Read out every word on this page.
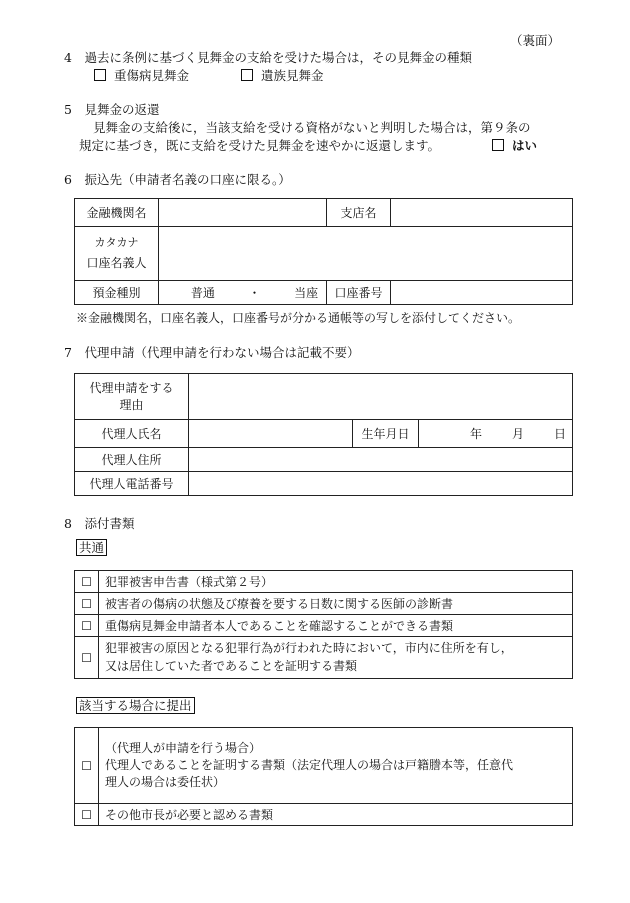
（裏面）
4　過去に条例に基づく見舞金の支給を受けた場合は，その見舞金の種類
重傷病見舞金	遺族見舞金
5　見舞金の返還
見舞金の支給後に，当該支給を受ける資格がないと判明した場合は，第９条の
規定に基づき，既に支給を受けた見舞金を速やかに返還します。	はい
6　振込先（申請者名義の口座に限る。）
金融機関名		支店名	

カタカナ
口座名義人			

預金種別	普通 ・ 当座	口座番号	
※金融機関名，口座名義人，口座番号が分かる通帳等の写しを添付してください。
7　代理申請（代理申請を行わない場合は記載不要）
代理申請をする
理由			

代理人氏名		生年月日	年 月 日
代理人住所			
代理人電話番号			
8　添付書類
共通
☐	犯罪被害申告書（様式第２号）
☐	被害者の傷病の状態及び療養を要する日数に関する医師の診断書
☐	重傷病見舞金申請者本人であることを確認することができる書類
☐	犯罪被害の原因となる犯罪行為が行われた時において，市内に住所を有し，
又は居住していた者であることを証明する書類
該当する場合に提出
☐	（代理人が申請を行う場合）
代理人であることを証明する書類（法定代理人の場合は戸籍謄本等，任意代
理人の場合は委任状）

☐	その他市長が必要と認める書類
